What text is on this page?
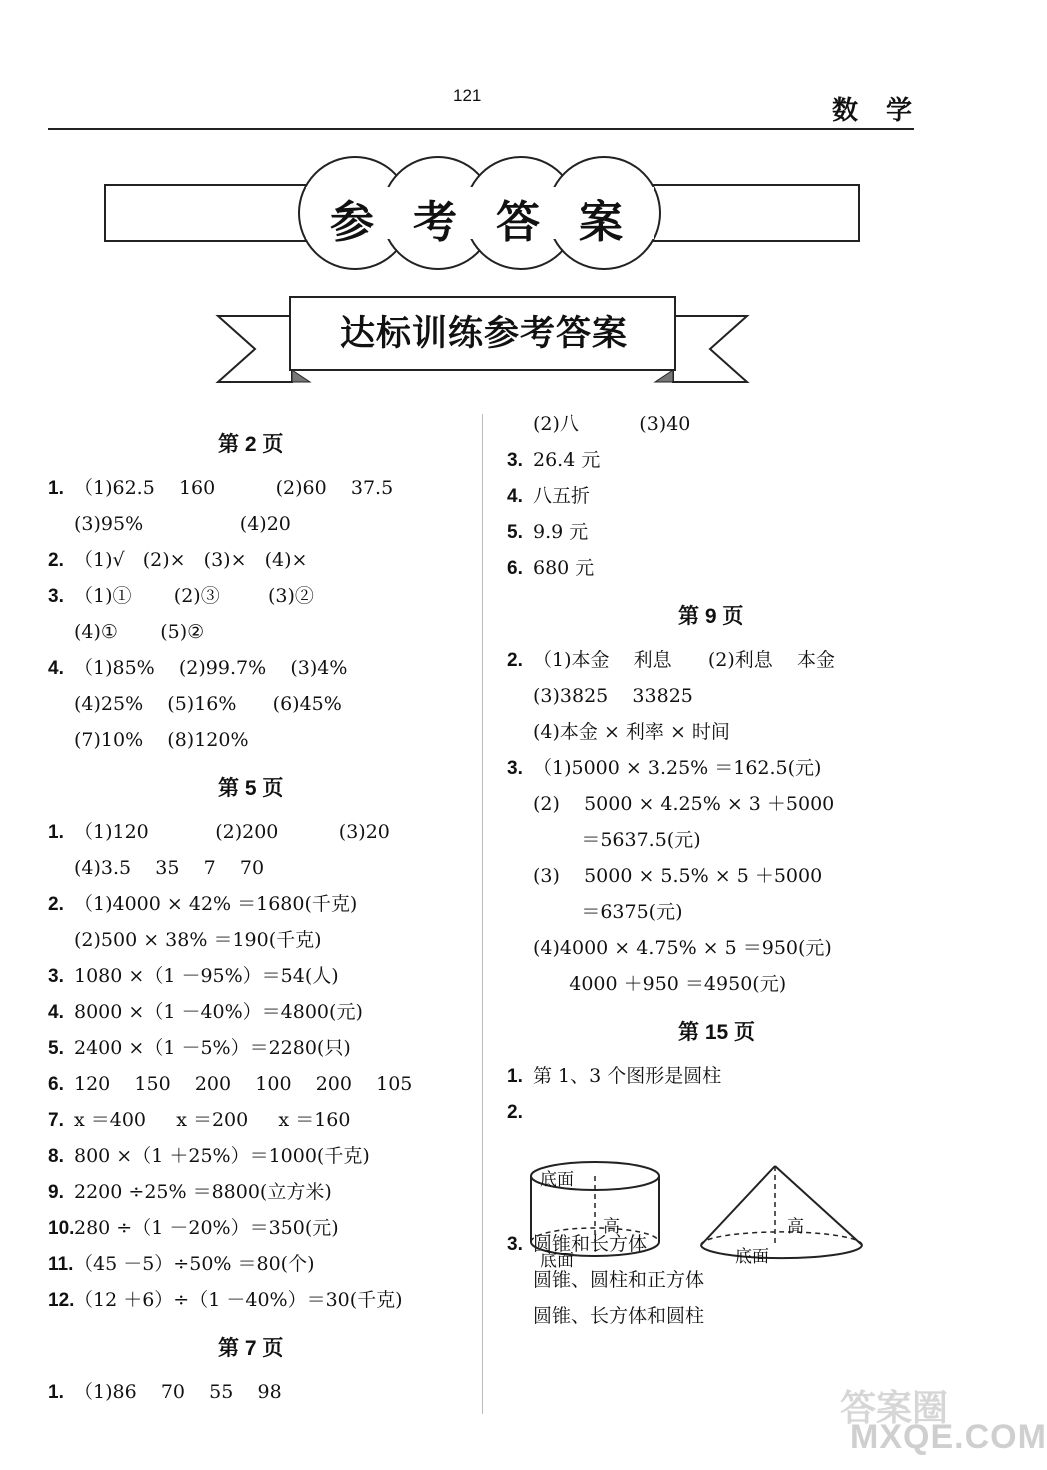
121
数学
参 考 答 案
达标训练参考答案
第 2 页
1. （1)62.5    160          (2)60    37.5
(3)95%                (4)20
2. （1)√   (2)×   (3)×   (4)×
3. （1)①       (2)③        (3)②
(4)①       (5)②
4. （1)85%    (2)99.7%    (3)4%
(4)25%    (5)16%      (6)45%
(7)10%    (8)120%
第 5 页
1. （1)120           (2)200          (3)20
(4)3.5    35    7    70
2. （1)4000 × 42% ＝1680(千克)
(2)500 × 38% ＝190(千克)
3. 1080 ×（1 －95%）＝54(人)
4. 8000 ×（1 －40%）＝4800(元)
5. 2400 ×（1 －5%）＝2280(只)
6. 120    150    200    100    200    105
7. x ＝400     x ＝200     x ＝160
8. 800 ×（1 ＋25%）＝1000(千克)
9. 2200 ÷25% ＝8800(立方米)
10.280 ÷（1 －20%）＝350(元)
11.（45 －5）÷50% ＝80(个)
12.（12 ＋6）÷（1 －40%）＝30(千克)
第 7 页
1. （1)86    70    55    98
(2)八          (3)40
3. 26.4 元
4. 八五折
5. 9.9 元
6. 680 元
第 9 页
2. （1)本金    利息      (2)利息    本金
(3)3825    33825
(4)本金 × 利率 × 时间
3. （1)5000 × 3.25% ＝162.5(元)
(2)    5000 × 4.25% × 3 ＋5000
＝5637.5(元)
(3)    5000 × 5.5% × 5 ＋5000
＝6375(元)
(4)4000 × 4.75% × 5 ＝950(元)
4000 ＋950 ＝4950(元)
第 15 页
1. 第 1、3 个图形是圆柱
2.
3. 圆锥和长方体
圆锥、圆柱和正方体
圆锥、长方体和圆柱
底面
高
底面
高
底面
答案圈
MXQE.COM
